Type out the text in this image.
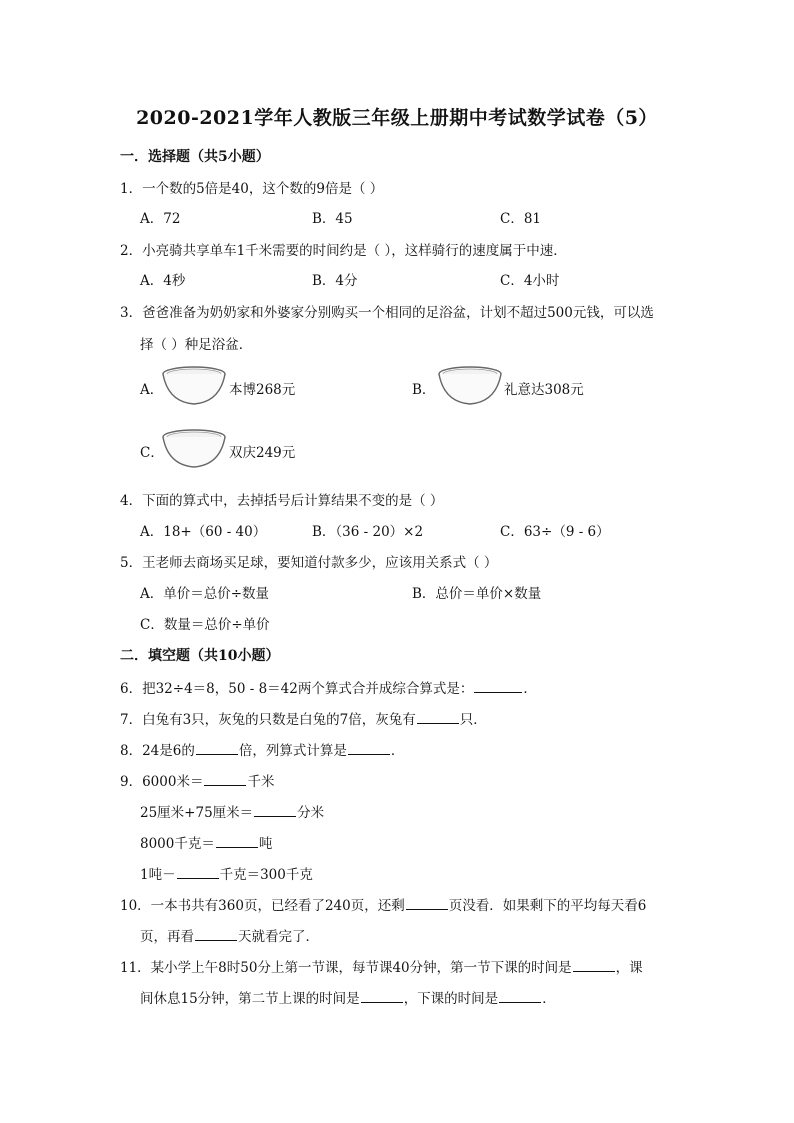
2020-2021学年人教版三年级上册期中考试数学试卷（5）
一．选择题（共5小题）
1．一个数的5倍是40，这个数的9倍是（ ）
A．72	B．45	C．81
2．小亮骑共享单车1千米需要的时间约是（ ），这样骑行的速度属于中速．
A．4秒	B．4分	C．4小时
3．爸爸准备为奶奶家和外婆家分别购买一个相同的足浴盆，计划不超过500元钱，可以选
择（ ）种足浴盆．
A．	本博268元	B．	礼意达308元
C．	双庆249元
4．下面的算式中，去掉括号后计算结果不变的是（ ）
A．18+（60 - 40）	B．（36 - 20）×2	C．63÷（9 - 6）
5．王老师去商场买足球，要知道付款多少，应该用关系式（ ）
A．单价＝总价÷数量	B．总价＝单价×数量
C．数量＝总价÷单价
二．填空题（共10小题）
6．把32÷4＝8，50 - 8＝42两个算式合并成综合算式是：	．
7．白兔有3只，灰兔的只数是白兔的7倍，灰兔有	只．
8．24是6的	倍，列算式计算是	．
9．6000米＝	千米
25厘米+75厘米＝	分米
8000千克＝	吨
1吨－	千克＝300千克
10．一本书共有360页，已经看了240页，还剩	页没看．如果剩下的平均每天看6
页，再看	天就看完了．
11．某小学上午8时50分上第一节课，每节课40分钟，第一节下课的时间是	，课
间休息15分钟，第二节上课的时间是	，下课的时间是	．
